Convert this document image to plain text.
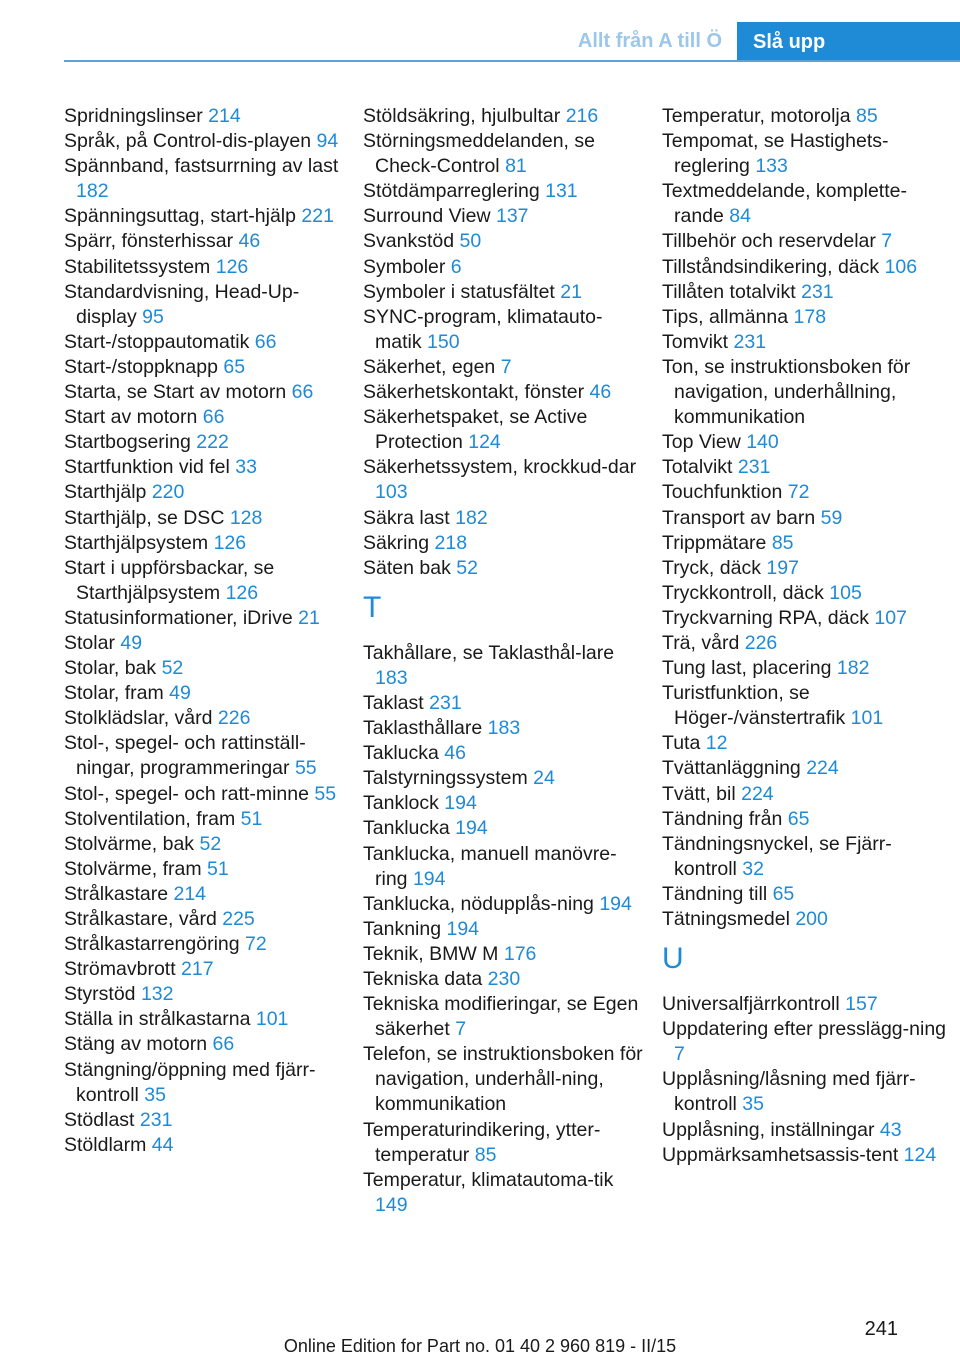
Allt från A till Ö	Slå upp
Spridningslinser 214
Språk, på Control-dis-playen 94
Spännband, fastsurrning av last 182
Spänningsuttag, start-hjälp 221
Spärr, fönsterhissar 46
Stabilitetssystem 126
Standardvisning, Head-Up-display 95
Start-/stoppautomatik 66
Start-/stoppknapp 65
Starta, se Start av motorn 66
Start av motorn 66
Startbogsering 222
Startfunktion vid fel 33
Starthjälp 220
Starthjälp, se DSC 128
Starthjälpsystem 126
Start i uppförsbackar, se Starthjälpsystem 126
Statusinformationer, iDrive 21
Stolar 49
Stolar, bak 52
Stolar, fram 49
Stolklädslar, vård 226
Stol-, spegel- och rattinställ-ningar, programmeringar 55
Stol-, spegel- och ratt-minne 55
Stolventilation, fram 51
Stolvärme, bak 52
Stolvärme, fram 51
Strålkastare 214
Strålkastare, vård 225
Strålkastarrengöring 72
Strömavbrott 217
Styrstöd 132
Ställa in strålkastarna 101
Stäng av motorn 66
Stängning/öppning med fjärr-kontroll 35
Stödlast 231
Stöldlarm 44
Stöldsäkring, hjulbultar 216
Störningsmeddelanden, se Check-Control 81
Stötdämparreglering 131
Surround View 137
Svankstöd 50
Symboler 6
Symboler i statusfältet 21
SYNC-program, klimatauto-matik 150
Säkerhet, egen 7
Säkerhetskontakt, fönster 46
Säkerhetspaket, se Active Protection 124
Säkerhetssystem, krockkud-dar 103
Säkra last 182
Säkring 218
Säten bak 52
T
Takhållare, se Taklasthål-lare 183
Taklast 231
Taklasthållare 183
Taklucka 46
Talstyrningssystem 24
Tanklock 194
Tanklucka 194
Tanklucka, manuell manövre-ring 194
Tanklucka, nödupplås-ning 194
Tankning 194
Teknik, BMW M 176
Tekniska data 230
Tekniska modifieringar, se Egen säkerhet 7
Telefon, se instruktionsboken för navigation, underhåll-ning, kommunikation
Temperaturindikering, ytter-temperatur 85
Temperatur, klimatautoma-tik 149
Temperatur, motorolja 85
Tempomat, se Hastighets-reglering 133
Textmeddelande, komplette-rande 84
Tillbehör och reservdelar 7
Tillståndsindikering, däck 106
Tillåten totalvikt 231
Tips, allmänna 178
Tomvikt 231
Ton, se instruktionsboken för navigation, underhållning, kommunikation
Top View 140
Totalvikt 231
Touchfunktion 72
Transport av barn 59
Trippmätare 85
Tryck, däck 197
Tryckkontroll, däck 105
Tryckvarning RPA, däck 107
Trä, vård 226
Tung last, placering 182
Turistfunktion, se Höger-/vänstertrafik 101
Tuta 12
Tvättanläggning 224
Tvätt, bil 224
Tändning från 65
Tändningsnyckel, se Fjärr-kontroll 32
Tändning till 65
Tätningsmedel 200
U
Universalfjärrkontroll 157
Uppdatering efter presslägg-ning 7
Upplåsning/låsning med fjärr-kontroll 35
Upplåsning, inställningar 43
Uppmärksamhetsassis-tent 124
241
Online Edition for Part no. 01 40 2 960 819 - II/15
